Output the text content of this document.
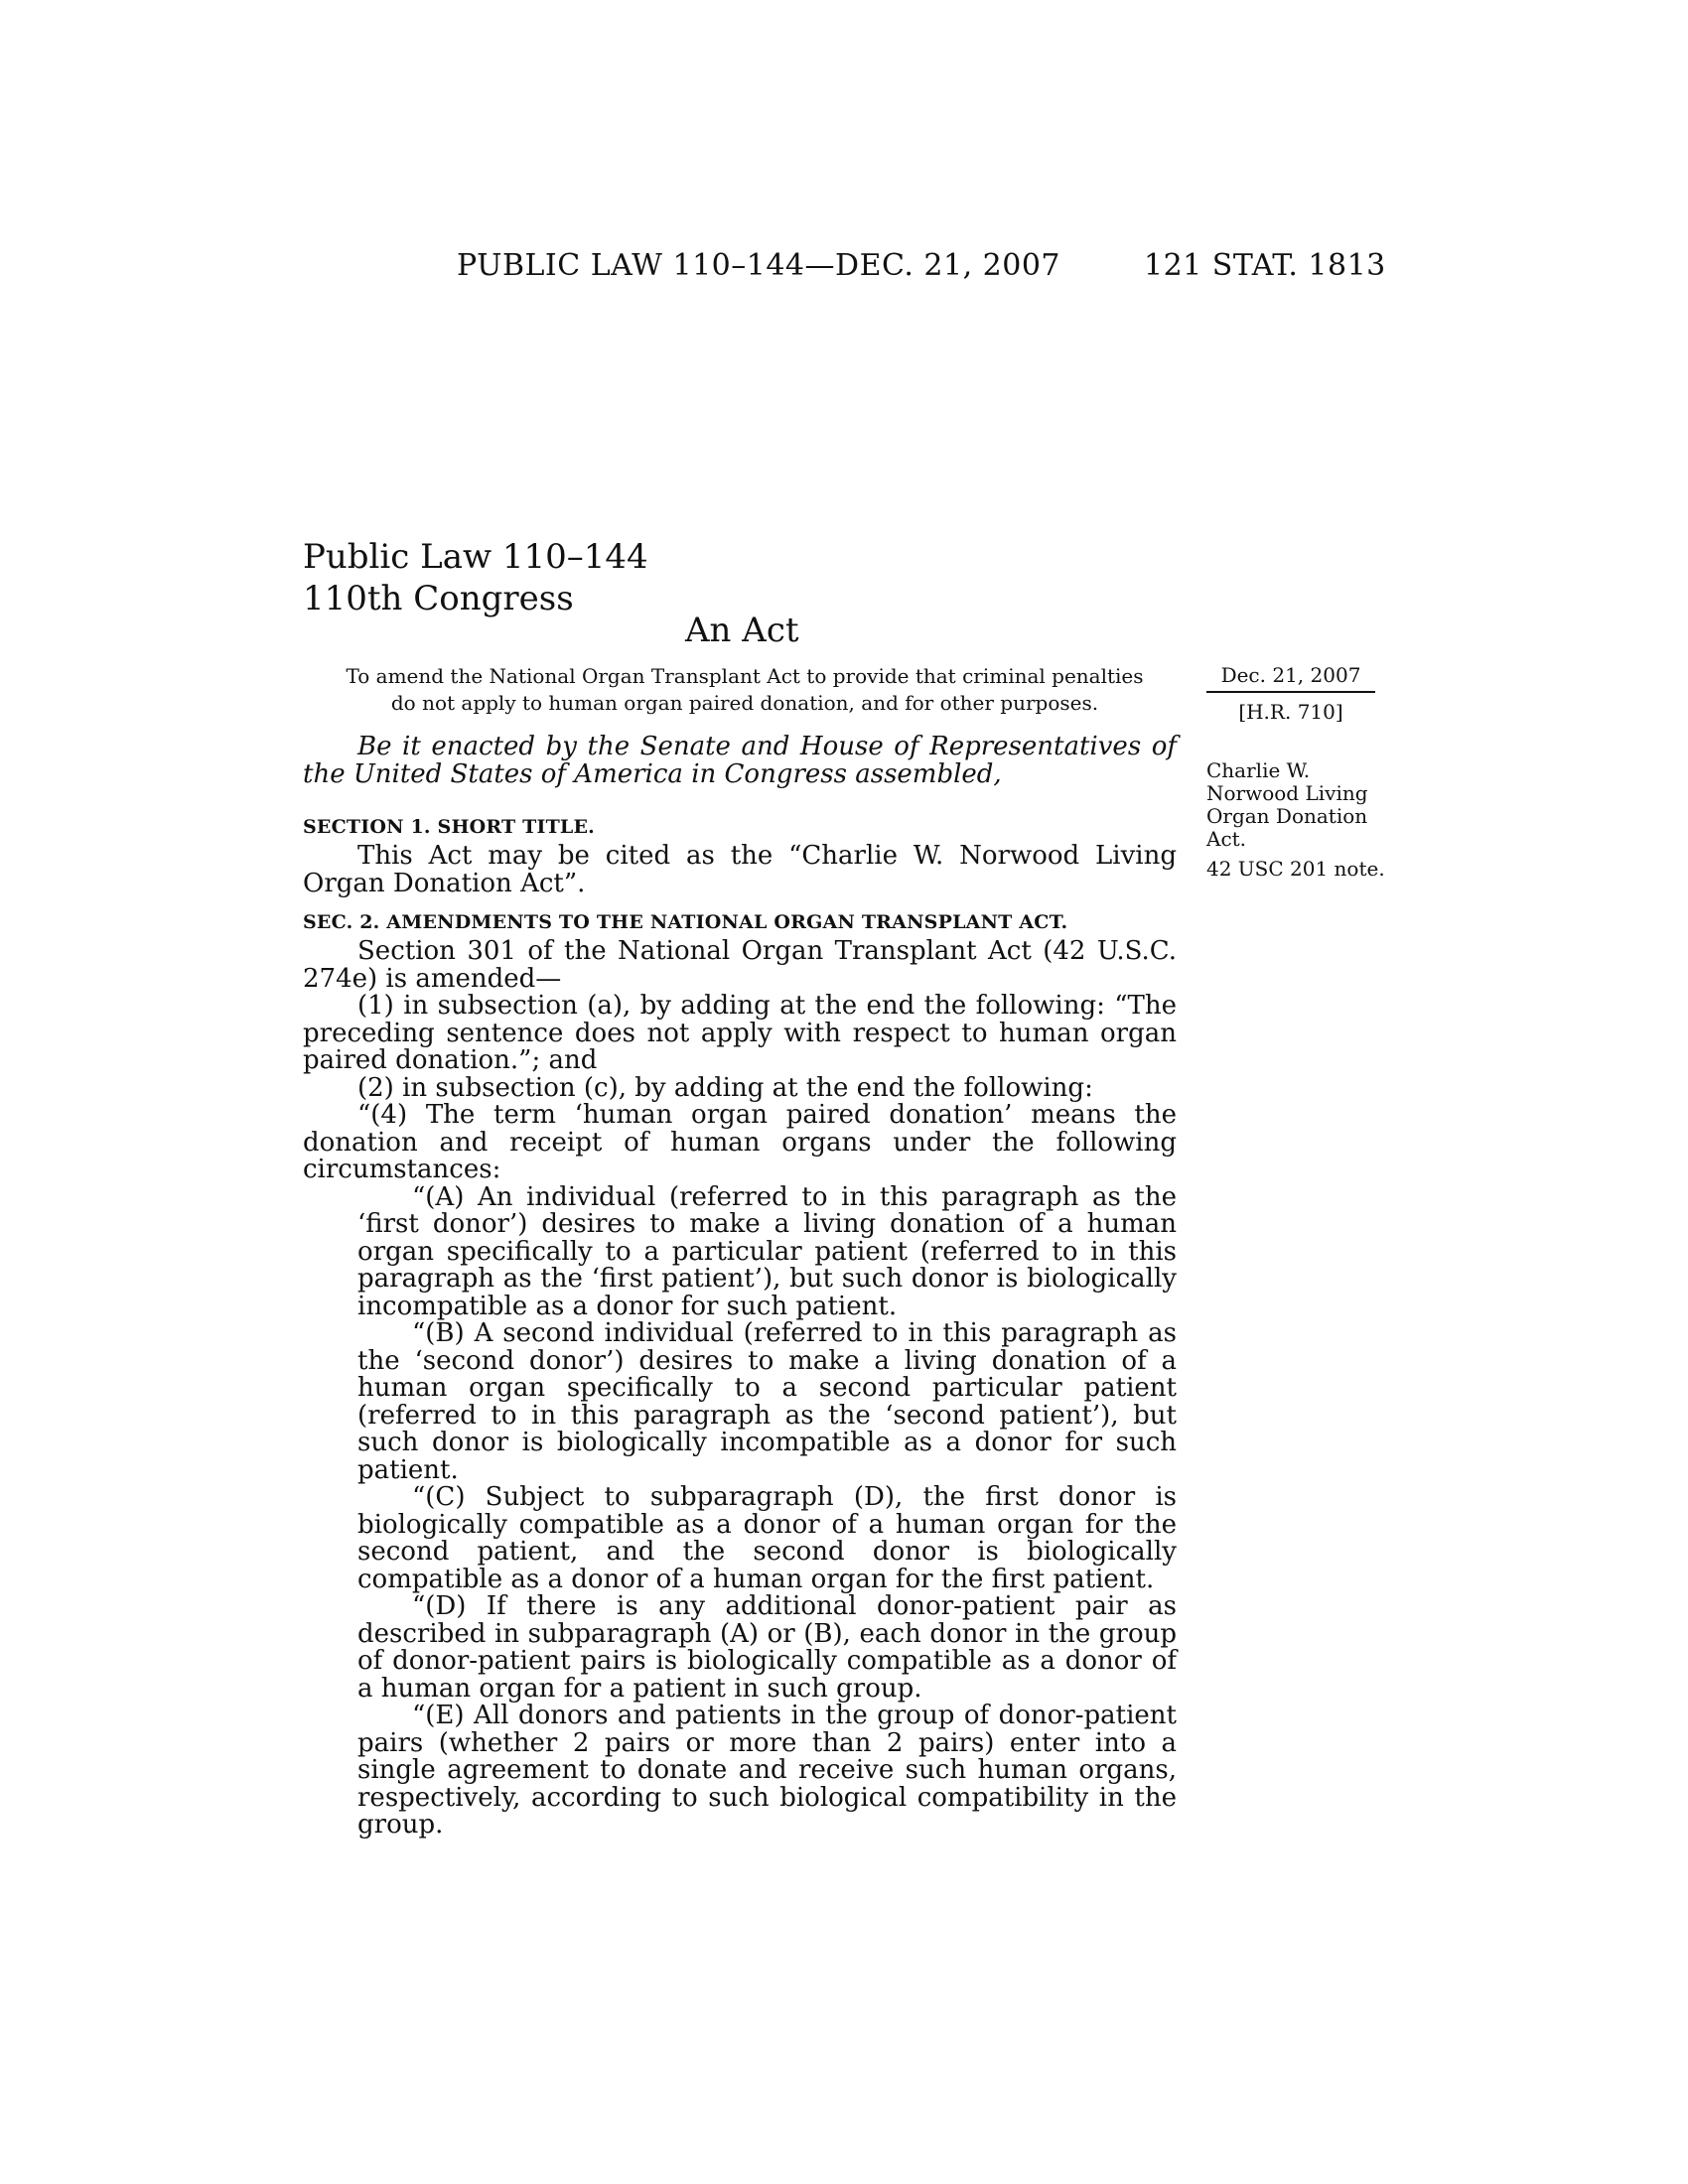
PUBLIC LAW 110–144—DEC. 21, 2007	121 STAT. 1813
Public Law 110–144
110th Congress
An Act
To amend the National Organ Transplant Act to provide that criminal penalties
do not apply to human organ paired donation, and for other purposes.
Dec. 21, 2007
[H.R. 710]
Charlie W. Norwood Living Organ Donation Act.
42 USC 201 note.

Be it enacted by the Senate and House of Representatives of the United States of America in Congress assembled,

SECTION 1. SHORT TITLE.

This Act may be cited as the “Charlie W. Norwood Living Organ Donation Act”.

SEC. 2. AMENDMENTS TO THE NATIONAL ORGAN TRANSPLANT ACT.

Section 301 of the National Organ Transplant Act (42 U.S.C. 274e) is amended—

(1) in subsection (a), by adding at the end the following: “The preceding sentence does not apply with respect to human organ paired donation.”; and

(2) in subsection (c), by adding at the end the following:

“(4) The term ‘human organ paired donation’ means the donation and receipt of human organs under the following circumstances:

“(A) An individual (referred to in this paragraph as the ‘first donor’) desires to make a living donation of a human organ specifically to a particular patient (referred to in this paragraph as the ‘first patient’), but such donor is biologically incompatible as a donor for such patient.

“(B) A second individual (referred to in this paragraph as the ‘second donor’) desires to make a living donation of a human organ specifically to a second particular patient (referred to in this paragraph as the ‘second patient’), but such donor is biologically incompatible as a donor for such patient.

“(C) Subject to subparagraph (D), the first donor is biologically compatible as a donor of a human organ for the second patient, and the second donor is biologically compatible as a donor of a human organ for the first patient.

“(D) If there is any additional donor-patient pair as described in subparagraph (A) or (B), each donor in the group of donor-patient pairs is biologically compatible as a donor of a human organ for a patient in such group.

“(E) All donors and patients in the group of donor-patient pairs (whether 2 pairs or more than 2 pairs) enter into a single agreement to donate and receive such human organs, respectively, according to such biological compatibility in the group.
